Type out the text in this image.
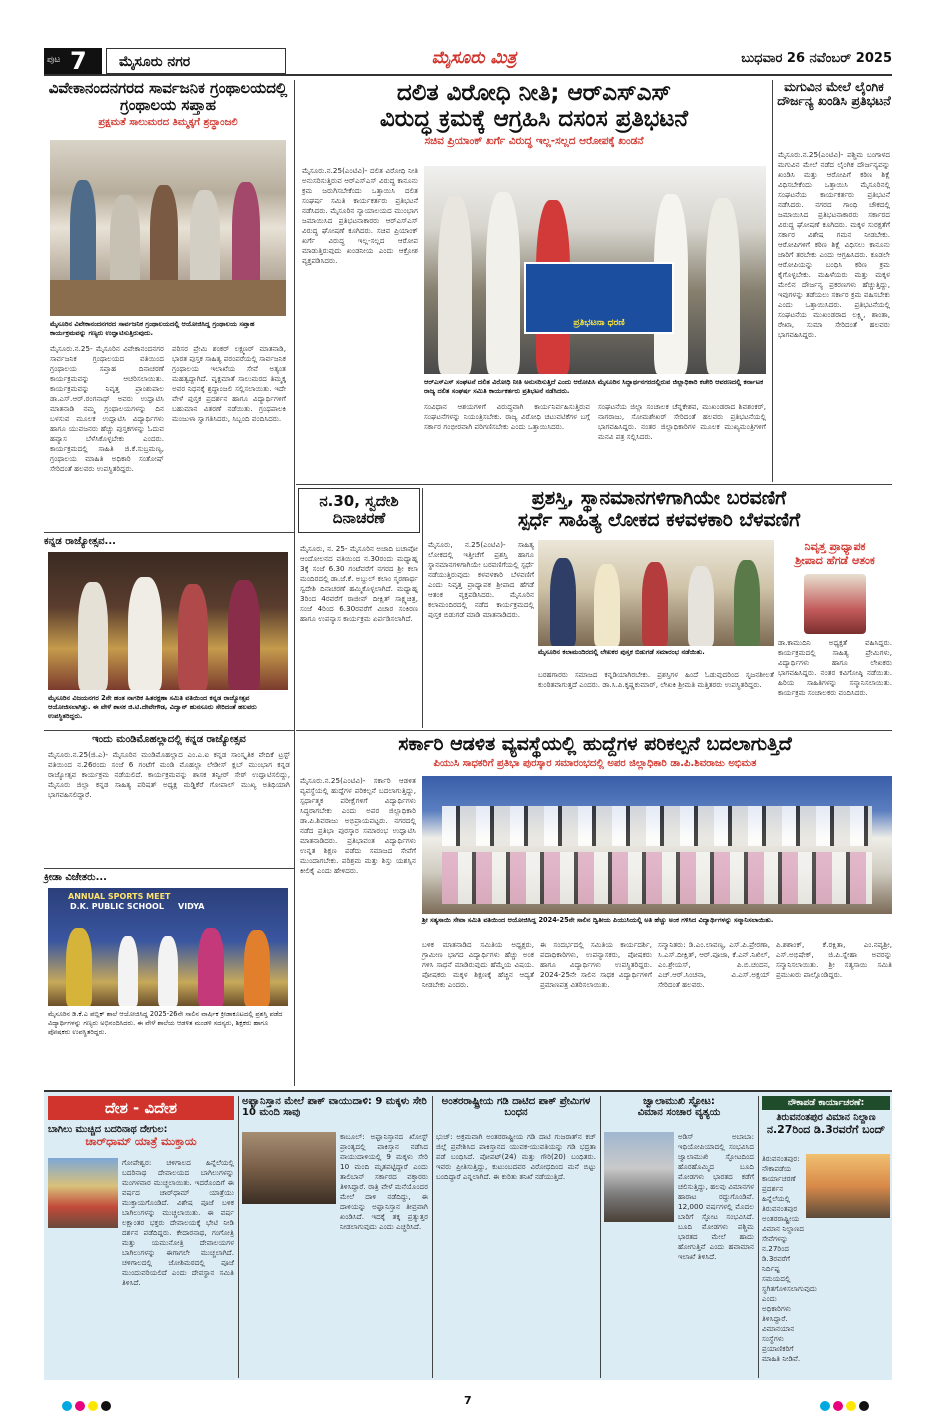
ಪುಟ 7 ಮೈಸೂರು ನಗರ	ಮೈಸೂರು ಮಿತ್ರ	ಬುಧವಾರ 26 ನವೆಂಬರ್ 2025
ವಿವೇಕಾನಂದನಗರದ ಸಾರ್ವಜನಿಕ ಗ್ರಂಥಾಲಯದಲ್ಲಿ ಗ್ರಂಥಾಲಯ ಸಪ್ತಾಹ
ಪ್ರಕ್ಷಮತೆ ಸಾಲುಮರದ ತಿಮ್ಮಕ್ಕಗೆ ಶ್ರದ್ಧಾಂಜಲಿ
ಮೈಸೂರಿನ ವಿವೇಕಾನಂದನಗರದ ಸಾರ್ವಜನಿಕ ಗ್ರಂಥಾಲಯದಲ್ಲಿ ಆಯೋಜಿಸಿದ್ದ ಗ್ರಂಥಾಲಯ ಸಪ್ತಾಹ ಕಾರ್ಯಕ್ರಮವನ್ನು ಗಣ್ಯರು ಉದ್ಘಾಟಿಸುತ್ತಿರುವುದು.
ಮೈಸೂರು.ನ.25- ಮೈಸೂರಿನ ವಿವೇಕಾನಂದನಗರ ಸಾರ್ವಜನಿಕ ಗ್ರಂಥಾಲಯದ ವತಿಯಿಂದ ಗ್ರಂಥಾಲಯ ಸಪ್ತಾಹ ದಿನಾಚರಣೆ ಕಾರ್ಯಕ್ರಮವನ್ನು ಆಚರಿಸಲಾಯಿತು. ಕಾರ್ಯಕ್ರಮವನ್ನು ನಿವೃತ್ತ ಪ್ರಾಂಶುಪಾಲ ಡಾ.ಎಸ್.ಆರ್.ರಂಗನಾಥ್ ಅವರು ಉದ್ಘಾಟಿಸಿ ಮಾತನಾಡಿ ನಮ್ಮ ಗ್ರಂಥಾಲಯಗಳನ್ನು ದಿನ ಬಳಸುವ ಮೂಲಕ ಉದ್ಘಾಟಿಸಿ ವಿದ್ಯಾರ್ಥಿಗಳು ಹಾಗೂ ಯುವಜನರು ಹೆಚ್ಚು ಪುಸ್ತಕಗಳನ್ನು ಓದುವ ಹವ್ಯಾಸ ಬೆಳೆಸಿಕೊಳ್ಳಬೇಕು ಎಂದರು. ಕಾರ್ಯಕ್ರಮದಲ್ಲಿ ಸಾಹಿತಿ ಜಿ.ಕೆ.ಸುಬ್ರಮಣ್ಯ, ಗ್ರಂಥಾಲಯ ಮಾಹಿತಿ ಅಧಿಕಾರಿ ಸಂತೋಷ್ ಸೇರಿದಂತೆ ಹಲವರು ಉಪಸ್ಥಿತರಿದ್ದರು.
ಪರಿಸರ ಪ್ರೇಮಿ ಶಂಕರ್ ಲಕ್ಷ್ಮಣರ್ ಮಾತನಾಡಿ, ಭಾರತ ಪುಸ್ತಕ ಸಾಹಿತ್ಯ ಪರಂಪರೆಯಲ್ಲಿ ಸಾರ್ವಜನಿಕ ಗ್ರಂಥಾಲಯ ಇಲಾಖೆಯ ಸೇವೆ ಅತ್ಯಂತ ಮಹತ್ವದ್ದಾಗಿದೆ. ವೃಕ್ಷಮಾತೆ ಸಾಲುಮರದ ತಿಮ್ಮಕ್ಕ ಅವರ ನಿಧನಕ್ಕೆ ಶ್ರದ್ಧಾಂಜಲಿ ಸಲ್ಲಿಸಲಾಯಿತು. ಇದೇ ವೇಳೆ ಪುಸ್ತಕ ಪ್ರದರ್ಶನ ಹಾಗೂ ವಿದ್ಯಾರ್ಥಿಗಳಿಗೆ ಬಹುಮಾನ ವಿತರಣೆ ನಡೆಯಿತು. ಗ್ರಂಥಪಾಲಕಿ ಮಂಜುಳಾ ಸ್ವಾಗತಿಸಿದರು, ಸಿಬ್ಬಂದಿ ವಂದಿಸಿದರು.
ಕನ್ನಡ ರಾಜ್ಯೋತ್ಸವ...
ಮೈಸೂರಿನ ವಿಜಯನಗರ 2ನೇ ಹಂತ ನಾಗರಿಕ ಹಿತರಕ್ಷಣಾ ಸಮಿತಿ ವತಿಯಿಂದ ಕನ್ನಡ ರಾಜ್ಯೋತ್ಸವ ಆಯೋಜಿಸಲಾಗಿತ್ತು. ಈ ವೇಳೆ ಶಾಸಕ ಜಿ.ಟಿ.ದೇವೇಗೌಡ, ವಿದ್ವಾನ್ ಹುನಸೂರು ಸೇರಿದಂತೆ ಹಲವರು ಉಪಸ್ಥಿತರಿದ್ದರು.
ಇಂದು ಮಂಡಿಮೊಹಲ್ಲಾದಲ್ಲಿ ಕನ್ನಡ ರಾಜ್ಯೋತ್ಸವ
ಮೈಸೂರು.ನ.25(ಜಿ.ಎ)- ಮೈಸೂರಿನ ಮಂಡಿಮೊಹಲ್ಲಾದ ಎಂ.ಎ.ಐ ಕನ್ನಡ ಸಾಂಸ್ಕೃತಿಕ ವೇದಿಕೆ ಟ್ರಸ್ಟ್ ವತಿಯಿಂದ ನ.26ರಂದು ಸಂಜೆ 6 ಗಂಟೆಗೆ ಮಂಡಿ ಮೊಹಲ್ಲಾ ಲೇಡೀಸ್ ಕ್ಲಬ್ ಮುಂಭಾಗ ಕನ್ನಡ ರಾಜ್ಯೋತ್ಸವ ಕಾರ್ಯಕ್ರಮ ನಡೆಯಲಿದೆ. ಕಾರ್ಯಕ್ರಮವನ್ನು ಶಾಸಕ ತನ್ವೀರ್ ಸೇಠ್ ಉದ್ಘಾಟಿಸಲಿದ್ದು, ಮೈಸೂರು ಜಿಲ್ಲಾ ಕನ್ನಡ ಸಾಹಿತ್ಯ ಪರಿಷತ್ ಅಧ್ಯಕ್ಷ ಮಡ್ಡಿಕೆರೆ ಗೋಪಾಲ್ ಮುಖ್ಯ ಅತಿಥಿಯಾಗಿ ಭಾಗವಹಿಸಲಿದ್ದಾರೆ.
ಕ್ರೀಡಾ ವಿಜೇತರು...
ANNUAL SPORTS MEET
D.K. PUBLIC SCHOOL VIDYA
ಮೈಸೂರಿನ ಡಿ.ಕೆ.ಎ ಪಬ್ಲಿಕ್ ಶಾಲೆ ಆಯೋಜಿಸಿದ್ದ 2025-26ನೇ ಸಾಲಿನ ವಾರ್ಷಿಕ ಕ್ರೀಡಾಕೂಟದಲ್ಲಿ ಪ್ರಶಸ್ತಿ ಪಡೆದ ವಿದ್ಯಾರ್ಥಿಗಳನ್ನು ಗಣ್ಯರು ಅಭಿನಂದಿಸಿದರು. ಈ ವೇಳೆ ಶಾಲೆಯ ಆಡಳಿತ ಮಂಡಳಿ ಸದಸ್ಯರು, ಶಿಕ್ಷಕರು ಹಾಗೂ ಪೋಷಕರು ಉಪಸ್ಥಿತರಿದ್ದರು.
ದಲಿತ ವಿರೋಧಿ ನೀತಿ; ಆರ್‌ಎಸ್‌ಎಸ್
ವಿರುದ್ಧ ಕ್ರಮಕ್ಕೆ ಆಗ್ರಹಿಸಿ ದಸಂಸ ಪ್ರತಿಭಟನೆ
ಸಚಿವ ಪ್ರಿಯಾಂಕ್ ಖರ್ಗೆ ವಿರುದ್ಧ ಇಲ್ಲ-ಸಲ್ಲದ ಆರೋಪಕ್ಕೆ ಖಂಡನೆ
ಮೈಸೂರು.ನ.25(ಎಂಟಿವಿ)- ದಲಿತ ವಿರೋಧಿ ನೀತಿ ಅನುಸರಿಸುತ್ತಿರುವ ಆರ್‌ಎಸ್‌ಎಸ್ ವಿರುದ್ಧ ಕಾನೂನು ಕ್ರಮ ಜರುಗಿಸಬೇಕೆಂದು ಒತ್ತಾಯಿಸಿ ದಲಿತ ಸಂಘರ್ಷ ಸಮಿತಿ ಕಾರ್ಯಕರ್ತರು ಪ್ರತಿಭಟನೆ ನಡೆಸಿದರು. ಮೈಸೂರಿನ ನ್ಯಾಯಾಲಯದ ಮುಂಭಾಗ ಜಮಾಯಿಸಿದ ಪ್ರತಿಭಟನಾಕಾರರು ಆರ್‌ಎಸ್‌ಎಸ್ ವಿರುದ್ಧ ಘೋಷಣೆ ಕೂಗಿದರು. ಸಚಿವ ಪ್ರಿಯಾಂಕ್ ಖರ್ಗೆ ವಿರುದ್ಧ ಇಲ್ಲ-ಸಲ್ಲದ ಆರೋಪ ಮಾಡುತ್ತಿರುವುದು ಖಂಡನೀಯ ಎಂದು ಆಕ್ರೋಶ ವ್ಯಕ್ತಪಡಿಸಿದರು.
ಪ್ರತಿಭಟನಾ ಧರಣಿ
ಆರ್‌ಎಸ್‌ಎಸ್ ಸಂಘಟನೆ ದಲಿತ ವಿರೋಧಿ ನೀತಿ ಅನುಸರಿಸುತ್ತಿದೆ ಎಂದು ಆರೋಪಿಸಿ ಮೈಸೂರಿನ ಸಿದ್ದಾರ್ಥನಗರದಲ್ಲಿರುವ ಜಿಲ್ಲಾಧಿಕಾರಿ ಕಚೇರಿ ಆವರಣದಲ್ಲಿ ಕರ್ನಾಟಕ ರಾಜ್ಯ ದಲಿತ ಸಂಘರ್ಷ ಸಮಿತಿ ಕಾರ್ಯಕರ್ತರು ಪ್ರತಿಭಟನೆ ನಡೆಸಿದರು.
ಸಂವಿಧಾನ ಆಶಯಗಳಿಗೆ ವಿರುದ್ಧವಾಗಿ ಕಾರ್ಯನಿರ್ವಹಿಸುತ್ತಿರುವ ಸಂಘಟನೆಗಳನ್ನು ನಿಯಂತ್ರಿಸಬೇಕು. ರಾಜ್ಯ ವಿರೋಧಿ ಚಟುವಟಿಕೆಗಳ ಬಗ್ಗೆ ಸರ್ಕಾರ ಗಂಭೀರವಾಗಿ ಪರಿಗಣಿಸಬೇಕು ಎಂದು ಒತ್ತಾಯಿಸಿದರು.
ಸಂಘಟನೆಯ ಜಿಲ್ಲಾ ಸಂಚಾಲಕ ಚೆನ್ನಕೇಶವ, ಮುಖಂಡರಾದ ಶಿವಶಂಕರ್, ನಾಗರಾಜು, ಸೋಮಶೇಖರ್ ಸೇರಿದಂತೆ ಹಲವರು ಪ್ರತಿಭಟನೆಯಲ್ಲಿ ಭಾಗವಹಿಸಿದ್ದರು. ನಂತರ ಜಿಲ್ಲಾಧಿಕಾರಿಗಳ ಮೂಲಕ ಮುಖ್ಯಮಂತ್ರಿಗಳಿಗೆ ಮನವಿ ಪತ್ರ ಸಲ್ಲಿಸಿದರು.
ಮಗುವಿನ ಮೇಲೆ ಲೈಂಗಿಕ ದೌರ್ಜನ್ಯ ಖಂಡಿಸಿ ಪ್ರತಿಭಟನೆ
ಮೈಸೂರು.ನ.25(ಎಂಟಿವಿ)- ಪಶ್ಚಿಮ ಬಂಗಾಳದ ಮಗುವಿನ ಮೇಲೆ ನಡೆದ ಲೈಂಗಿಕ ದೌರ್ಜನ್ಯವನ್ನು ಖಂಡಿಸಿ ಮತ್ತು ಆರೋಪಿಗೆ ಕಠಿಣ ಶಿಕ್ಷೆ ವಿಧಿಸಬೇಕೆಂದು ಒತ್ತಾಯಿಸಿ ಮೈಸೂರಿನಲ್ಲಿ ಸಂಘಟನೆಯ ಕಾರ್ಯಕರ್ತರು ಪ್ರತಿಭಟನೆ ನಡೆಸಿದರು. ನಗರದ ಗಾಂಧಿ ಚೌಕದಲ್ಲಿ ಜಮಾಯಿಸಿದ ಪ್ರತಿಭಟನಾಕಾರರು ಸರ್ಕಾರದ ವಿರುದ್ಧ ಘೋಷಣೆ ಕೂಗಿದರು. ಮಕ್ಕಳ ಸುರಕ್ಷತೆಗೆ ಸರ್ಕಾರ ವಿಶೇಷ ಗಮನ ನೀಡಬೇಕು. ಆರೋಪಿಗಳಿಗೆ ಕಠಿಣ ಶಿಕ್ಷೆ ವಿಧಿಸಲು ಕಾನೂನು ಜಾರಿಗೆ ತರಬೇಕು ಎಂದು ಆಗ್ರಹಿಸಿದರು. ಕೂಡಲೇ ಆರೋಪಿಯನ್ನು ಬಂಧಿಸಿ ಕಠಿಣ ಕ್ರಮ ಕೈಗೊಳ್ಳಬೇಕು. ಮಹಿಳೆಯರು ಮತ್ತು ಮಕ್ಕಳ ಮೇಲಿನ ದೌರ್ಜನ್ಯ ಪ್ರಕರಣಗಳು ಹೆಚ್ಚುತ್ತಿದ್ದು, ಇವುಗಳನ್ನು ತಡೆಯಲು ಸರ್ಕಾರ ಕ್ರಮ ವಹಿಸಬೇಕು ಎಂದು ಒತ್ತಾಯಿಸಿದರು. ಪ್ರತಿಭಟನೆಯಲ್ಲಿ ಸಂಘಟನೆಯ ಮುಖಂಡರಾದ ಲಕ್ಷ್ಮಿ, ಶಾಂತಾ, ರೇಖಾ, ಸುಮಾ ಸೇರಿದಂತೆ ಹಲವರು ಭಾಗವಹಿಸಿದ್ದರು.
ನ.30, ಸ್ವದೇಶಿ ದಿನಾಚರಣೆ
ಮೈಸೂರು, ನ. 25- ಮೈಸೂರಿನ ಅಜಾದಿ ಬಚಾವೋ ಆಂದೋಲನದ ವತಿಯಿಂದ ನ.30ರಂದು ಮಧ್ಯಾಹ್ನ 3ಕ್ಕೆ ಸಂಜೆ 6.30 ಗಂಟೆವರೆಗೆ ನಗರದ ಶ್ರೀ ಕಲಾ ಮಂದಿರದಲ್ಲಿ ಡಾ.ಜೆ.ಕೆ. ಅಬ್ದುಲ್ ಕಲಾಂ ಸ್ಮರಣಾರ್ಥ ಸ್ವದೇಶಿ ದಿನಾಚರಣೆ ಹಮ್ಮಿಕೊಳ್ಳಲಾಗಿದೆ. ಮಧ್ಯಾಹ್ನ 3ರಿಂದ 4ರವರೆಗೆ ರಾಜೀವ್ ದೀಕ್ಷಿತ್ ಸಾಕ್ಷ್ಯಚಿತ್ರ, ಸಂಜೆ 4ರಿಂದ 6.30ರವರೆಗೆ ವಿಚಾರ ಸಂಕಿರಣ ಹಾಗೂ ಉಪನ್ಯಾಸ ಕಾರ್ಯಕ್ರಮ ಏರ್ಪಡಿಸಲಾಗಿದೆ.
ಪ್ರಶಸ್ತಿ, ಸ್ಥಾನಮಾನಗಳಿಗಾಗಿಯೇ ಬರವಣಿಗೆ
ಸ್ಪರ್ಧೆ ಸಾಹಿತ್ಯ ಲೋಕದ ಕಳವಳಕಾರಿ ಬೆಳವಣಿಗೆ
ಮೈಸೂರು, ನ.25(ಎಂಟಿವಿ)- ಸಾಹಿತ್ಯ ಲೋಕದಲ್ಲಿ ಇತ್ತೀಚೆಗೆ ಪ್ರಶಸ್ತಿ ಹಾಗೂ ಸ್ಥಾನಮಾನಗಳಿಗಾಗಿಯೇ ಬರವಣಿಗೆಯಲ್ಲಿ ಸ್ಪರ್ಧೆ ನಡೆಯುತ್ತಿರುವುದು ಕಳವಳಕಾರಿ ಬೆಳವಣಿಗೆ ಎಂದು ನಿವೃತ್ತ ಪ್ರಾಧ್ಯಾಪಕ ಶ್ರೀಪಾದ ಹೆಗಡೆ ಆತಂಕ ವ್ಯಕ್ತಪಡಿಸಿದರು. ಮೈಸೂರಿನ ಕಲಾಮಂದಿರದಲ್ಲಿ ನಡೆದ ಕಾರ್ಯಕ್ರಮದಲ್ಲಿ ಪುಸ್ತಕ ಬಿಡುಗಡೆ ಮಾಡಿ ಮಾತನಾಡಿದರು.
ಮೈಸೂರಿನ ಕಲಾಮಂದಿರದಲ್ಲಿ ಲೇಖಕರ ಪುಸ್ತಕ ಬಿಡುಗಡೆ ಸಮಾರಂಭ ನಡೆಯಿತು.
ಬರಹಗಾರರು ಸಮಾಜದ ಕನ್ನಡಿಯಾಗಿರಬೇಕು. ಪ್ರಶಸ್ತಿಗಳ ಹಿಂದೆ ಓಡುವುದರಿಂದ ಸೃಜನಶೀಲತೆ ಕುಂಠಿತವಾಗುತ್ತದೆ ಎಂದರು. ಡಾ.ಸಿ.ಪಿ.ಕೃಷ್ಣಕುಮಾರ್, ಲೇಖಕಿ ಶ್ರೀಮತಿ ಮತ್ತಿತರರು ಉಪಸ್ಥಿತರಿದ್ದರು.
ನಿವೃತ್ತ ಪ್ರಾಧ್ಯಾಪಕ
ಶ್ರೀಪಾದ ಹೆಗಡೆ ಆತಂಕ
ಡಾ.ಕಾಮುದಿನಿ ಅಧ್ಯಕ್ಷತೆ ವಹಿಸಿದ್ದರು. ಕಾರ್ಯಕ್ರಮದಲ್ಲಿ ಸಾಹಿತ್ಯ ಪ್ರೇಮಿಗಳು, ವಿದ್ಯಾರ್ಥಿಗಳು ಹಾಗೂ ಲೇಖಕರು ಭಾಗವಹಿಸಿದ್ದರು. ನಂತರ ಕವಿಗೋಷ್ಠಿ ನಡೆಯಿತು. ಹಿರಿಯ ಸಾಹಿತಿಗಳನ್ನು ಸನ್ಮಾನಿಸಲಾಯಿತು. ಕಾರ್ಯಕ್ರಮ ಸಂಚಾಲಕರು ವಂದಿಸಿದರು.
ಸರ್ಕಾರಿ ಆಡಳಿತ ವ್ಯವಸ್ಥೆಯಲ್ಲಿ ಹುದ್ದೆಗಳ ಪರಿಕಲ್ಪನೆ ಬದಲಾಗುತ್ತಿದೆ
ಪಿಯುಸಿ ಸಾಧಕರಿಗೆ ಪ್ರತಿಭಾ ಪುರಸ್ಕಾರ ಸಮಾರಂಭದಲ್ಲಿ ಅಪರ ಜಿಲ್ಲಾಧಿಕಾರಿ ಡಾ.ಪಿ.ಶಿವರಾಜು ಅಭಿಮತ
ಮೈಸೂರು.ನ.25(ಎಂಟಿವಿ)- ಸರ್ಕಾರಿ ಆಡಳಿತ ವ್ಯವಸ್ಥೆಯಲ್ಲಿ ಹುದ್ದೆಗಳ ಪರಿಕಲ್ಪನೆ ಬದಲಾಗುತ್ತಿದ್ದು, ಸ್ಪರ್ಧಾತ್ಮಕ ಪರೀಕ್ಷೆಗಳಿಗೆ ವಿದ್ಯಾರ್ಥಿಗಳು ಸಿದ್ಧರಾಗಬೇಕು ಎಂದು ಅಪರ ಜಿಲ್ಲಾಧಿಕಾರಿ ಡಾ.ಪಿ.ಶಿವರಾಜು ಅಭಿಪ್ರಾಯಪಟ್ಟರು. ನಗರದಲ್ಲಿ ನಡೆದ ಪ್ರತಿಭಾ ಪುರಸ್ಕಾರ ಸಮಾರಂಭ ಉದ್ಘಾಟಿಸಿ ಮಾತನಾಡಿದರು. ಪ್ರತಿಭಾವಂತ ವಿದ್ಯಾರ್ಥಿಗಳು ಉನ್ನತ ಶಿಕ್ಷಣ ಪಡೆದು ಸಮಾಜದ ಸೇವೆಗೆ ಮುಂದಾಗಬೇಕು. ಪರಿಶ್ರಮ ಮತ್ತು ಶಿಸ್ತು ಯಶಸ್ಸಿನ ಕೀಲಿಕೈ ಎಂದು ಹೇಳಿದರು.
ಶ್ರೀ ಸತ್ಯಸಾಯಿ ಸೇವಾ ಸಮಿತಿ ವತಿಯಿಂದ ಆಯೋಜಿಸಿದ್ದ 2024-25ನೇ ಸಾಲಿನ ದ್ವಿತೀಯ ಪಿಯುಸಿಯಲ್ಲಿ ಅತಿ ಹೆಚ್ಚು ಅಂಕ ಗಳಿಸಿದ ವಿದ್ಯಾರ್ಥಿಗಳನ್ನು ಸನ್ಮಾನಿಸಲಾಯಿತು.
ಬಳಿಕ ಮಾತನಾಡಿದ ಸಮಿತಿಯ ಅಧ್ಯಕ್ಷರು, ಗ್ರಾಮೀಣ ಭಾಗದ ವಿದ್ಯಾರ್ಥಿಗಳು ಹೆಚ್ಚು ಅಂಕ ಗಳಿಸಿ ಸಾಧನೆ ಮಾಡಿರುವುದು ಹೆಮ್ಮೆಯ ವಿಷಯ. ಪೋಷಕರು ಮಕ್ಕಳ ಶಿಕ್ಷಣಕ್ಕೆ ಹೆಚ್ಚಿನ ಆದ್ಯತೆ ನೀಡಬೇಕು ಎಂದರು.
ಈ ಸಂದರ್ಭದಲ್ಲಿ ಸಮಿತಿಯ ಕಾರ್ಯದರ್ಶಿ, ಪದಾಧಿಕಾರಿಗಳು, ಉಪನ್ಯಾಸಕರು, ಪೋಷಕರು ಹಾಗೂ ವಿದ್ಯಾರ್ಥಿಗಳು ಉಪಸ್ಥಿತರಿದ್ದರು. 2024-25ನೇ ಸಾಲಿನ ಸಾಧಕ ವಿದ್ಯಾರ್ಥಿಗಳಿಗೆ ಪ್ರಮಾಣಪತ್ರ ವಿತರಿಸಲಾಯಿತು.
ಸನ್ಮಾನಿತರು: ಡಿ.ಎಂ.ಲಾವಣ್ಯ, ಎಸ್.ಪಿ.ಪ್ರೇರಣಾ, ಸಿ.ಎಸ್.ದೀಕ್ಷಿತ್, ಆರ್.ಪೂಜಾ, ಕೆ.ಎನ್.ನಿಖಿಲ್, ಎಂ.ಶ್ರೇಯಸ್, ಪಿ.ಬಿ.ಚಂದನ, ಎಚ್.ಆರ್.ಸಿಂಚನಾ, ವಿ.ಎಸ್.ಅಕ್ಷಯ್ ಸೇರಿದಂತೆ ಹಲವರು.
ಪಿ.ಶಶಾಂಕ್, ಕೆ.ರಕ್ಷಿತಾ, ಎಂ.ನವ್ಯಶ್ರೀ, ಎಸ್.ಅಭಿಷೇಕ್, ಜಿ.ಪಿ.ಸ್ನೇಹಾ ಅವರನ್ನು ಸನ್ಮಾನಿಸಲಾಯಿತು. ಶ್ರೀ ಸತ್ಯಸಾಯಿ ಸಮಿತಿ ಪ್ರಮುಖರು ಪಾಲ್ಗೊಂಡಿದ್ದರು.
ದೇಶ - ವಿದೇಶ
ಬಾಗಿಲು ಮುಚ್ಚಿದ ಬದರಿನಾಥ ದೇಗುಲ:
ಚಾರ್‌ಧಾಮ್ ಯಾತ್ರೆ ಮುಕ್ತಾಯ
ಗೋಪೇಶ್ವರ: ಚಳಿಗಾಲದ ಹಿನ್ನೆಲೆಯಲ್ಲಿ ಬದರಿನಾಥ ದೇವಾಲಯದ ಬಾಗಿಲುಗಳನ್ನು ಮಂಗಳವಾರ ಮುಚ್ಚಲಾಯಿತು. ಇದರೊಂದಿಗೆ ಈ ವರ್ಷದ ಚಾರ್‌ಧಾಮ್ ಯಾತ್ರೆಯು ಮುಕ್ತಾಯಗೊಂಡಿದೆ. ವಿಶೇಷ ಪೂಜೆ ಬಳಿಕ ಬಾಗಿಲುಗಳನ್ನು ಮುಚ್ಚಲಾಯಿತು. ಈ ವರ್ಷ ಲಕ್ಷಾಂತರ ಭಕ್ತರು ದೇವಾಲಯಕ್ಕೆ ಭೇಟಿ ನೀಡಿ ದರ್ಶನ ಪಡೆದಿದ್ದರು. ಕೇದಾರನಾಥ, ಗಂಗೋತ್ರಿ ಮತ್ತು ಯಮುನೋತ್ರಿ ದೇವಾಲಯಗಳ ಬಾಗಿಲುಗಳನ್ನು ಈಗಾಗಲೇ ಮುಚ್ಚಲಾಗಿದೆ. ಚಳಿಗಾಲದಲ್ಲಿ ಜೋಶಿಮಠದಲ್ಲಿ ಪೂಜೆ ಮುಂದುವರಿಯಲಿದೆ ಎಂದು ದೇವಸ್ಥಾನ ಸಮಿತಿ ತಿಳಿಸಿದೆ.
ಅಫ್ಘಾನಿಸ್ತಾನ ಮೇಲೆ ಪಾಕ್ ವಾಯುದಾಳಿ: 9 ಮಕ್ಕಳು ಸೇರಿ 10 ಮಂದಿ ಸಾವು
ಕಾಬೂಲ್: ಅಫ್ಘಾನಿಸ್ತಾನದ ಖೋಸ್ಟ್ ಪ್ರಾಂತ್ಯದಲ್ಲಿ ಪಾಕಿಸ್ತಾನ ನಡೆಸಿದ ವಾಯುದಾಳಿಯಲ್ಲಿ 9 ಮಕ್ಕಳು ಸೇರಿ 10 ಮಂದಿ ಮೃತಪಟ್ಟಿದ್ದಾರೆ ಎಂದು ತಾಲಿಬಾನ್ ಸರ್ಕಾರದ ವಕ್ತಾರರು ತಿಳಿಸಿದ್ದಾರೆ. ರಾತ್ರಿ ವೇಳೆ ಮನೆಯೊಂದರ ಮೇಲೆ ದಾಳಿ ನಡೆದಿದ್ದು, ಈ ದಾಳಿಯನ್ನು ಅಫ್ಘಾನಿಸ್ತಾನ ತೀವ್ರವಾಗಿ ಖಂಡಿಸಿದೆ. ಇದಕ್ಕೆ ತಕ್ಕ ಪ್ರತ್ಯುತ್ತರ ನೀಡಲಾಗುವುದು ಎಂದು ಎಚ್ಚರಿಸಿದೆ.
ಅಂತರರಾಷ್ಟ್ರೀಯ ಗಡಿ ದಾಟಿದ ಪಾಕ್ ಪ್ರೇಮಿಗಳ ಬಂಧನ
ಭುಜ್: ಅಕ್ರಮವಾಗಿ ಅಂತರರಾಷ್ಟ್ರೀಯ ಗಡಿ ದಾಟಿ ಗುಜರಾತ್‌ನ ಕಚ್ ಜಿಲ್ಲೆ ಪ್ರವೇಶಿಸಿದ ಪಾಕಿಸ್ತಾನದ ಯುವಕ-ಯುವತಿಯನ್ನು ಗಡಿ ಭದ್ರತಾ ಪಡೆ ಬಂಧಿಸಿದೆ. ಪೋಪಟ್(24) ಮತ್ತು ಗೌರಿ(20) ಬಂಧಿತರು. ಇವರು ಪ್ರೀತಿಸುತ್ತಿದ್ದು, ಕುಟುಂಬದವರ ವಿರೋಧದಿಂದ ಮನೆ ಬಿಟ್ಟು ಬಂದಿದ್ದಾರೆ ಎನ್ನಲಾಗಿದೆ. ಈ ಕುರಿತು ತನಿಖೆ ನಡೆಯುತ್ತಿದೆ.
ಜ್ವಾಲಾಮುಖಿ ಸ್ಫೋಟ:
ವಿಮಾನ ಸಂಚಾರ ವ್ಯತ್ಯಯ
ಅಡಿಸ್ ಅಬಾಬಾ: ಇಥಿಯೋಪಿಯಾದಲ್ಲಿ ಸಂಭವಿಸಿದ ಜ್ವಾಲಾಮುಖಿ ಸ್ಫೋಟದಿಂದ ಹೊರಹೊಮ್ಮಿದ ಬೂದಿ ಮೋಡಗಳು ಭಾರತದ ಕಡೆಗೆ ಚಲಿಸುತ್ತಿದ್ದು, ಹಲವು ವಿಮಾನಗಳ ಹಾರಾಟ ರದ್ದುಗೊಂಡಿವೆ. 12,000 ವರ್ಷಗಳಲ್ಲಿ ಮೊದಲ ಬಾರಿಗೆ ಸ್ಫೋಟ ಸಂಭವಿಸಿದೆ. ಬೂದಿ ಮೋಡಗಳು ಪಶ್ಚಿಮ ಭಾರತದ ಮೇಲೆ ಹಾದು ಹೋಗುತ್ತಿವೆ ಎಂದು ಹವಾಮಾನ ಇಲಾಖೆ ತಿಳಿಸಿದೆ.
ನೌಕಾಪಡೆ ಕಾರ್ಯಾಚರಣೆ:
ತಿರುವನಂತಪುರ ವಿಮಾನ ನಿಲ್ದಾಣ
ನ.27ರಿಂದ ಡಿ.3ರವರೆಗೆ ಬಂದ್
ತಿರುವನಂತಪುರ: ನೌಕಾಪಡೆಯ ಕಾರ್ಯಾಚರಣೆ ಪ್ರದರ್ಶನ ಹಿನ್ನೆಲೆಯಲ್ಲಿ ತಿರುವನಂತಪುರ ಅಂತರರಾಷ್ಟ್ರೀಯ ವಿಮಾನ ನಿಲ್ದಾಣದ ಸೇವೆಗಳನ್ನು ನ.27ರಿಂದ ಡಿ.3ರವರೆಗೆ ನಿರ್ದಿಷ್ಟ ಸಮಯದಲ್ಲಿ ಸ್ಥಗಿತಗೊಳಿಸಲಾಗುವುದು ಎಂದು ಅಧಿಕಾರಿಗಳು ತಿಳಿಸಿದ್ದಾರೆ. ವಿಮಾನಯಾನ ಸಂಸ್ಥೆಗಳು ಪ್ರಯಾಣಿಕರಿಗೆ ಮಾಹಿತಿ ನೀಡಿವೆ.
7
